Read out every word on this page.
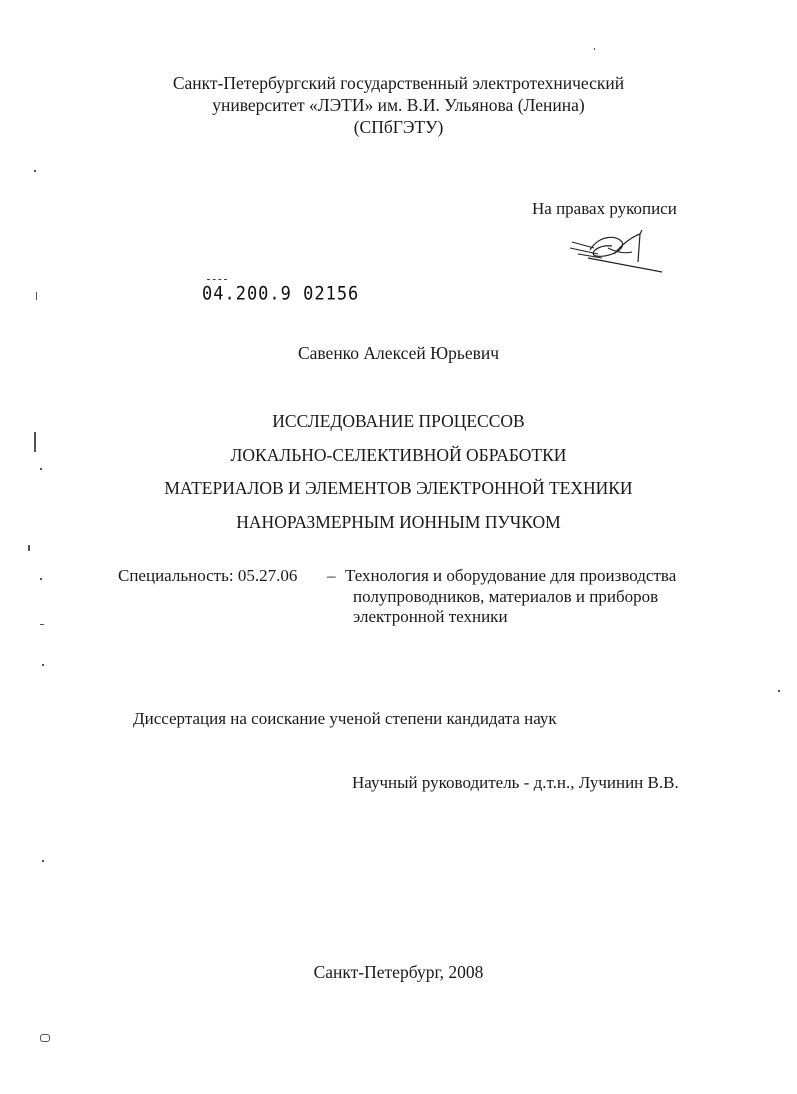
Санкт-Петербургский государственный электротехнический
университет «ЛЭТИ» им. В.И. Ульянова (Ленина)
(СПбГЭТУ)
На правах рукописи
04.200.9 02156
Савенко Алексей Юрьевич
ИССЛЕДОВАНИЕ ПРОЦЕССОВ
ЛОКАЛЬНО-СЕЛЕКТИВНОЙ ОБРАБОТКИ
МАТЕРИАЛОВ И ЭЛЕМЕНТОВ ЭЛЕКТРОННОЙ ТЕХНИКИ
НАНОРАЗМЕРНЫМ ИОННЫМ ПУЧКОМ
Специальность: 05.27.06 – Технология и оборудование для производства
полупроводников, материалов и приборов
электронной техники
Диссертация на соискание ученой степени кандидата наук
Научный руководитель - д.т.н., Лучинин В.В.
Санкт-Петербург, 2008
